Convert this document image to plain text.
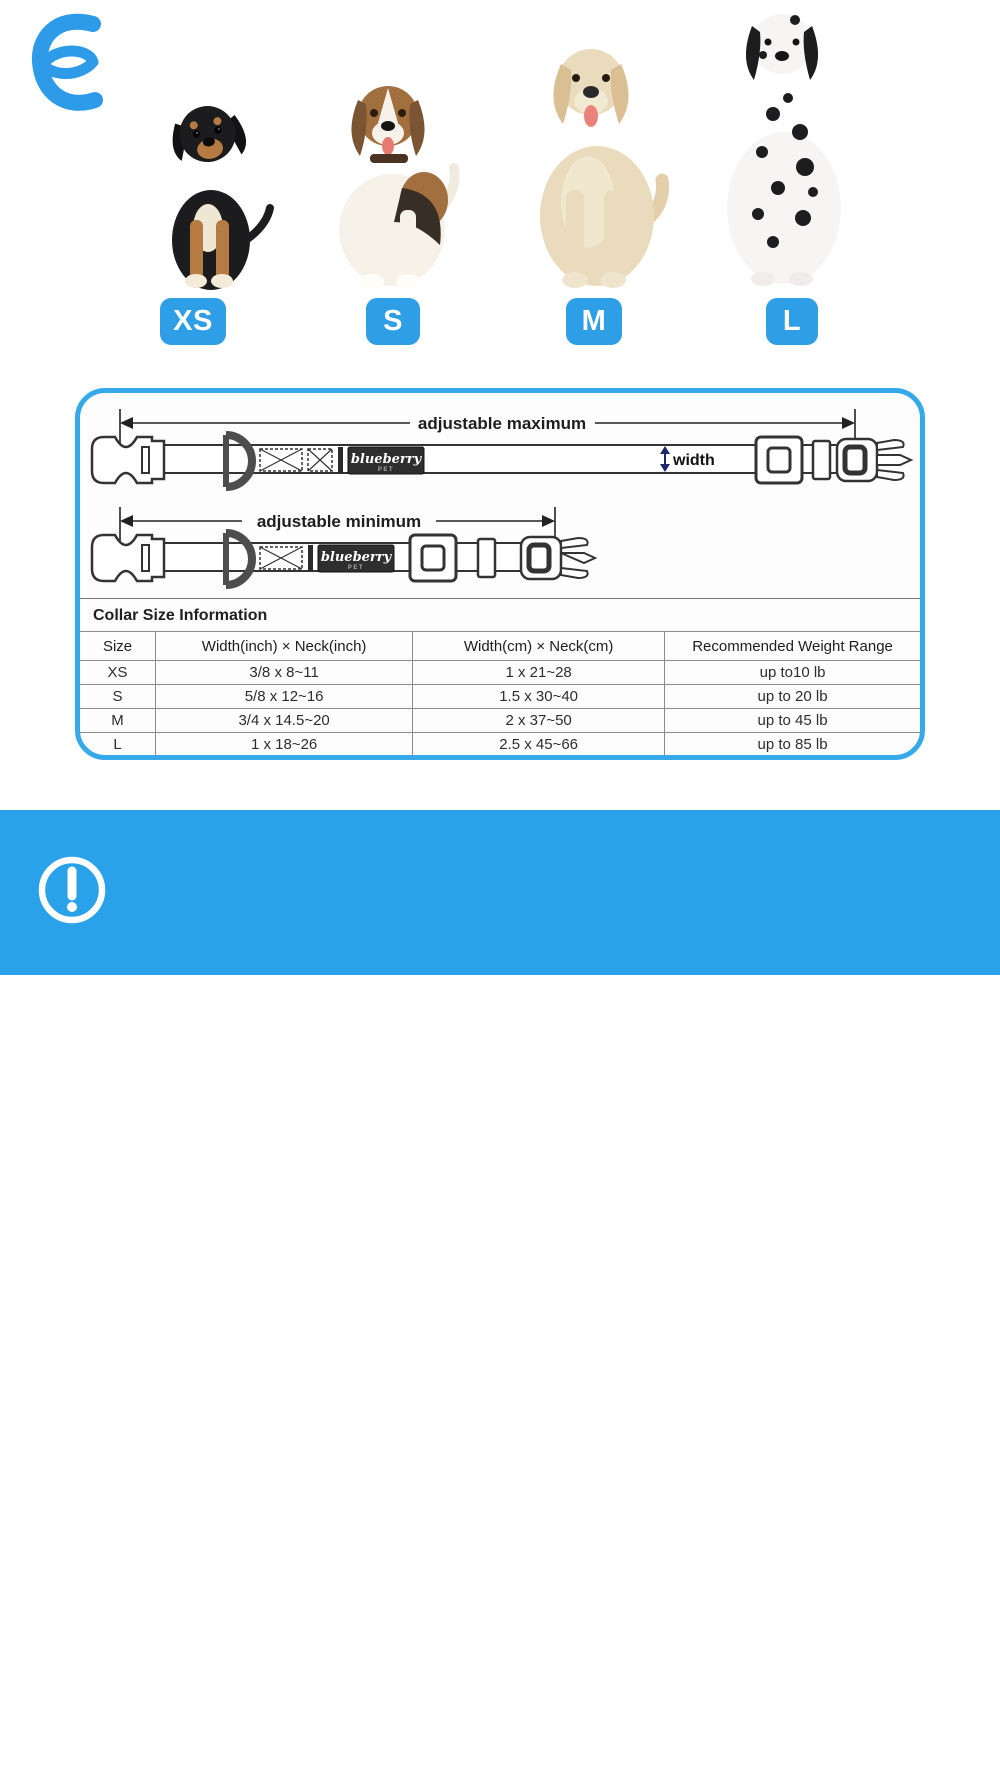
XS	S	M	L
adjustable maximum
blueberry
PET
width
adjustable minimum
blueberry
PET
Collar Size Information
Size	Width(inch) × Neck(inch)	Width(cm) × Neck(cm)	Recommended Weight Range
XS	3/8 x 8~11	1 x 21~28	up to10 lb
S	5/8 x 12~16	1.5 x 30~40	up to 20 lb
M	3/4 x 14.5~20	2 x 37~50	up to 45 lb
L	1 x 18~26	2.5 x 45~66	up to 85 lb
Tips: Measure the circumference of pet's neck. It should be snug
enough to fit 2 fingers between dog's neck and their collar.
